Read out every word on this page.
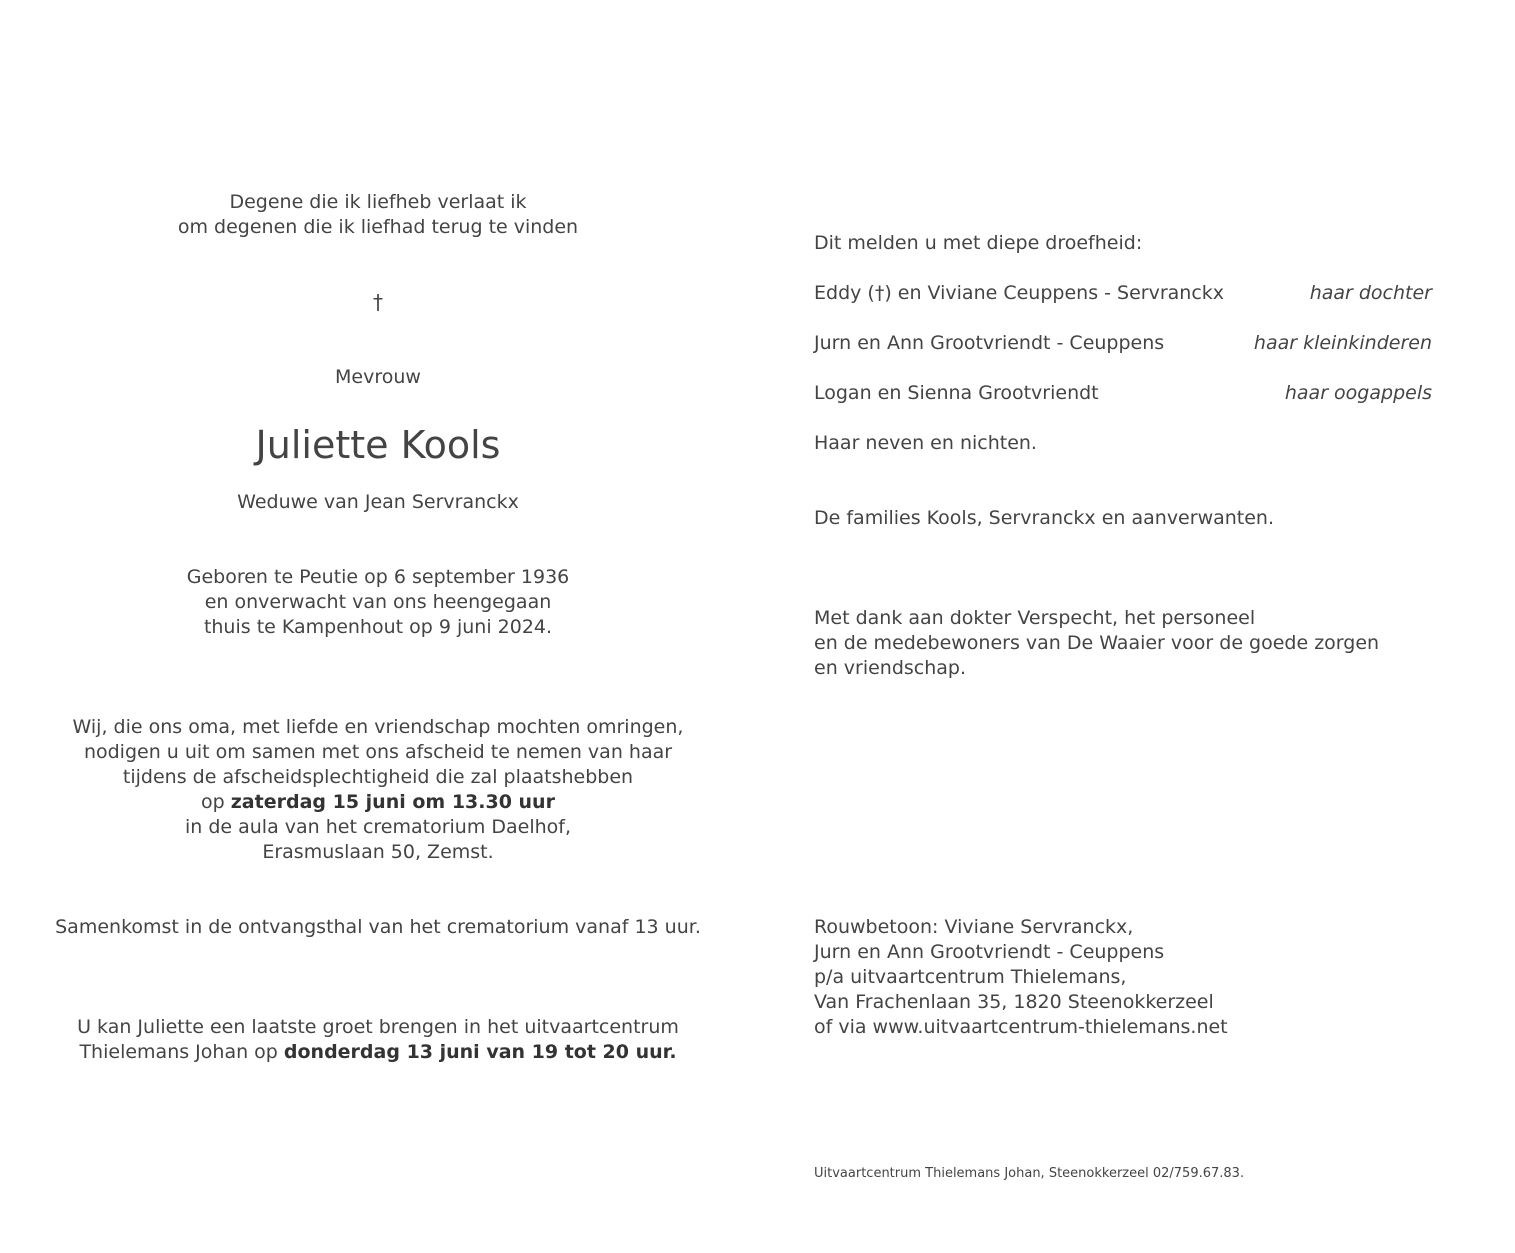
Degene die ik liefheb verlaat ik
om degenen die ik liefhad terug te vinden
†
Mevrouw
Juliette Kools
Weduwe van Jean Servranckx
Geboren te Peutie op 6 september 1936
en onverwacht van ons heengegaan
thuis te Kampenhout op 9 juni 2024.
Wij, die ons oma, met liefde en vriendschap mochten omringen,
nodigen u uit om samen met ons afscheid te nemen van haar
tijdens de afscheidsplechtigheid die zal plaatshebben
op zaterdag 15 juni om 13.30 uur
in de aula van het crematorium Daelhof,
Erasmuslaan 50, Zemst.
Samenkomst in de ontvangsthal van het crematorium vanaf 13 uur.
U kan Juliette een laatste groet brengen in het uitvaartcentrum
Thielemans Johan op donderdag 13 juni van 19 tot 20 uur.
Dit melden u met diepe droefheid:
Eddy (†) en Viviane Ceuppens - Servranckx	haar dochter
Jurn en Ann Grootvriendt - Ceuppens	haar kleinkinderen
Logan en Sienna Grootvriendt	haar oogappels
Haar neven en nichten.
De families Kools, Servranckx en aanverwanten.
Met dank aan dokter Verspecht, het personeel
en de medebewoners van De Waaier voor de goede zorgen
en vriendschap.
Rouwbetoon: Viviane Servranckx,
Jurn en Ann Grootvriendt - Ceuppens
p/a uitvaartcentrum Thielemans,
Van Frachenlaan 35, 1820 Steenokkerzeel
of via www.uitvaartcentrum-thielemans.net
Uitvaartcentrum Thielemans Johan, Steenokkerzeel 02/759.67.83.
